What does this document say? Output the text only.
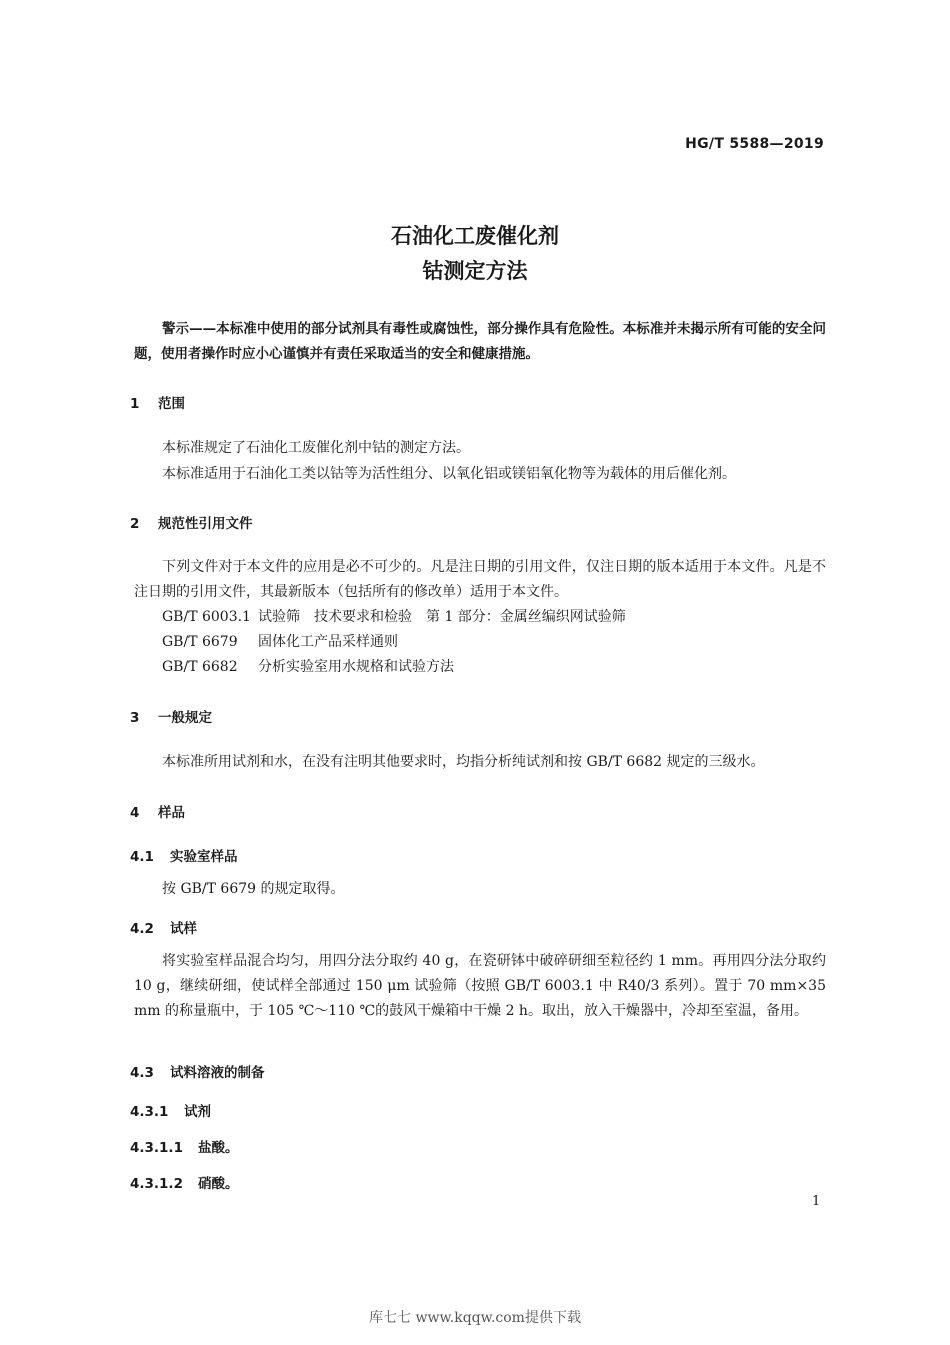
HG/T 5588—2019
石油化工废催化剂
钴测定方法
警示——本标准中使用的部分试剂具有毒性或腐蚀性，部分操作具有危险性。本标准并未揭示所有可能的安全问题，使用者操作时应小心谨慎并有责任采取适当的安全和健康措施。
1 范围
本标准规定了石油化工废催化剂中钴的测定方法。
本标准适用于石油化工类以钴等为活性组分、以氧化铝或镁铝氧化物等为载体的用后催化剂。
2 规范性引用文件
下列文件对于本文件的应用是必不可少的。凡是注日期的引用文件，仅注日期的版本适用于本文件。凡是不注日期的引用文件，其最新版本（包括所有的修改单）适用于本文件。
GB/T 6003.1 试验筛　技术要求和检验　第 1 部分：金属丝编织网试验筛
GB/T 6679 固体化工产品采样通则
GB/T 6682 分析实验室用水规格和试验方法
3 一般规定
本标准所用试剂和水，在没有注明其他要求时，均指分析纯试剂和按 GB/T 6682 规定的三级水。
4 样品
4.1 实验室样品
按 GB/T 6679 的规定取得。
4.2 试样
将实验室样品混合均匀，用四分法分取约 40 g，在瓷研钵中破碎研细至粒径约 1 mm。再用四分法分取约 10 g，继续研细，使试样全部通过 150 μm 试验筛（按照 GB/T 6003.1 中 R40/3 系列）。置于 70 mm×35 mm 的称量瓶中，于 105 ℃～110 ℃的鼓风干燥箱中干燥 2 h。取出，放入干燥器中，冷却至室温，备用。
4.3 试料溶液的制备
4.3.1 试剂
4.3.1.1 盐酸。
4.3.1.2 硝酸。
1
库七七 www.kqqw.com提供下载
